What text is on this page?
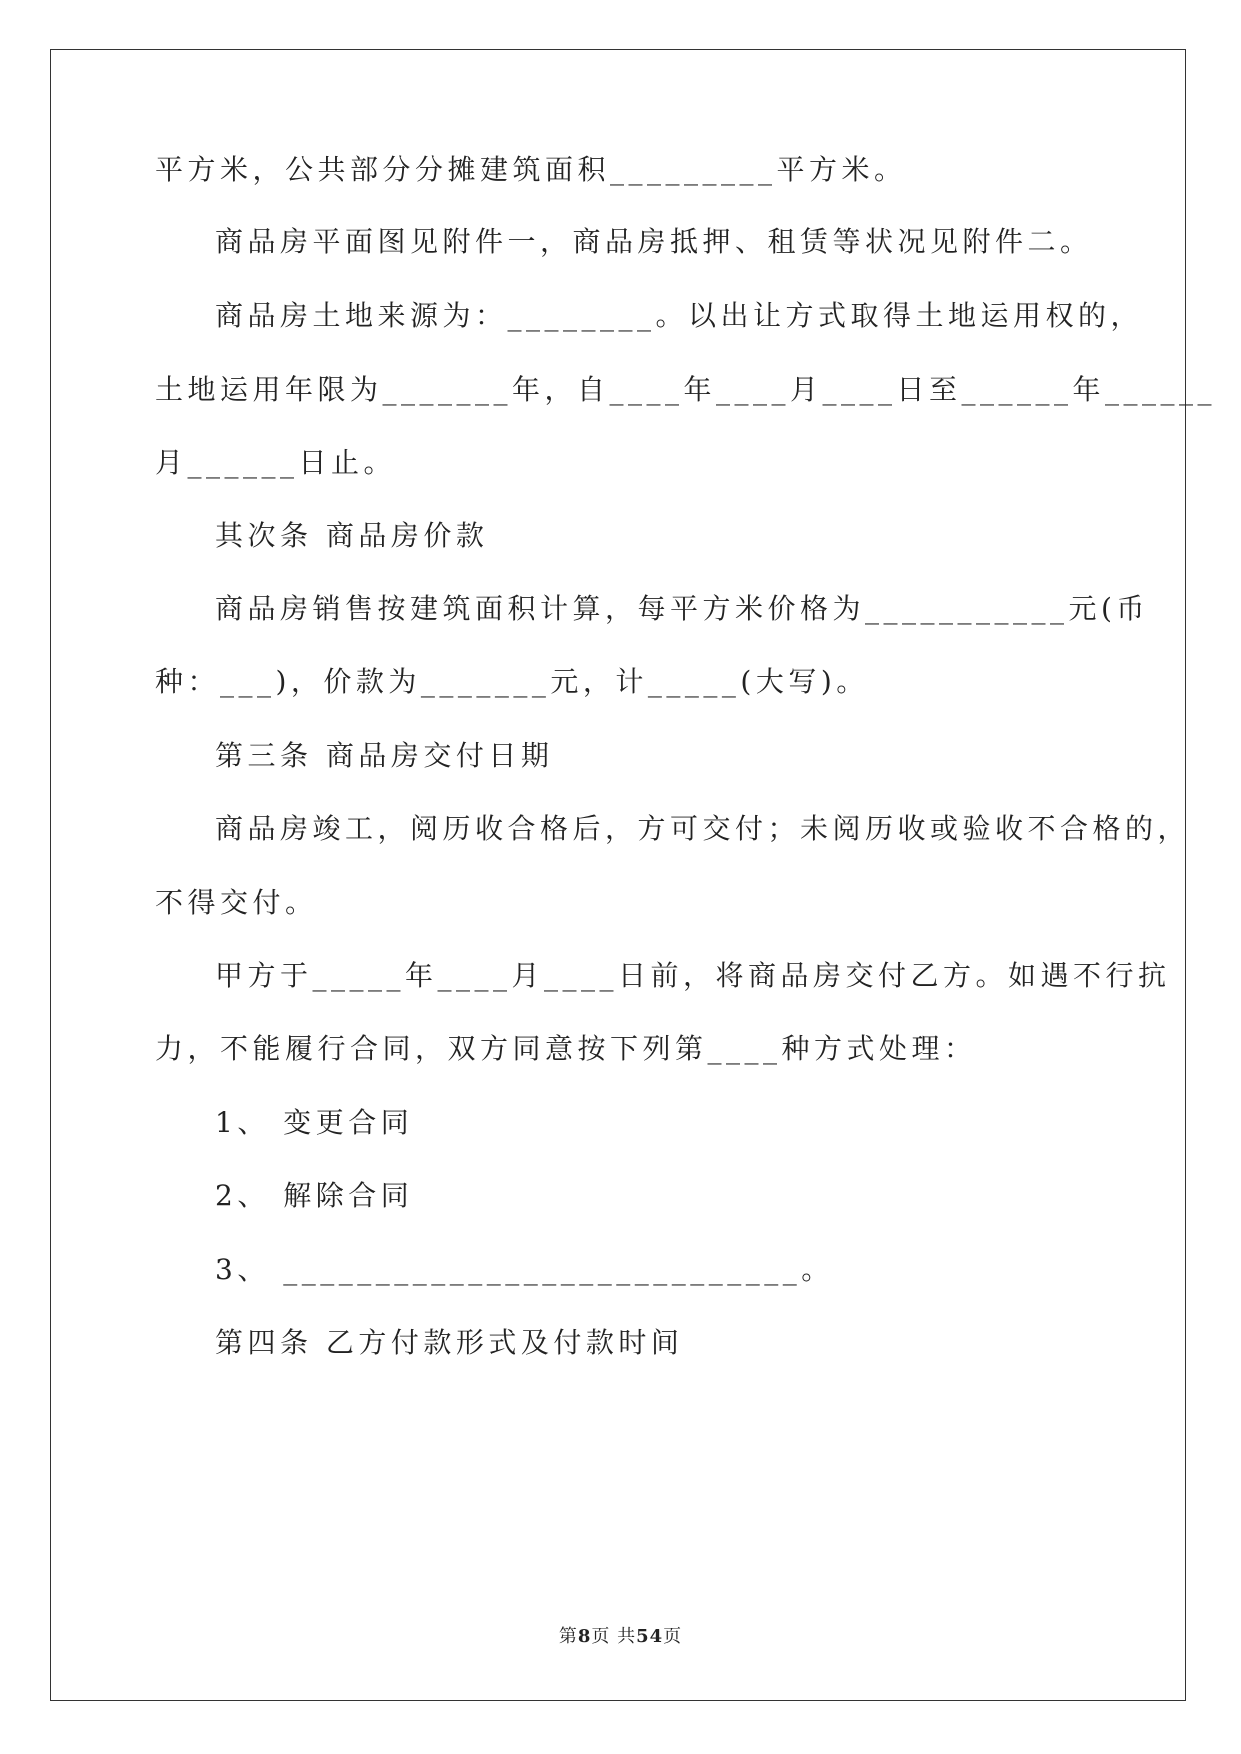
平方米，公共部分分摊建筑面积_________平方米。
商品房平面图见附件一，商品房抵押、租赁等状况见附件二。
商品房土地来源为：________。以出让方式取得土地运用权的，
土地运用年限为_______年，自____年____月____日至______年______
月______日止。
其次条 商品房价款
商品房销售按建筑面积计算，每平方米价格为___________元(币
种：___)，价款为_______元，计_____(大写)。
第三条 商品房交付日期
商品房竣工，阅历收合格后，方可交付；未阅历收或验收不合格的，
不得交付。
甲方于_____年____月____日前，将商品房交付乙方。如遇不行抗
力，不能履行合同，双方同意按下列第____种方式处理：
1、 变更合同
2、 解除合同
3、 ____________________________。
第四条 乙方付款形式及付款时间
第8页 共54页
